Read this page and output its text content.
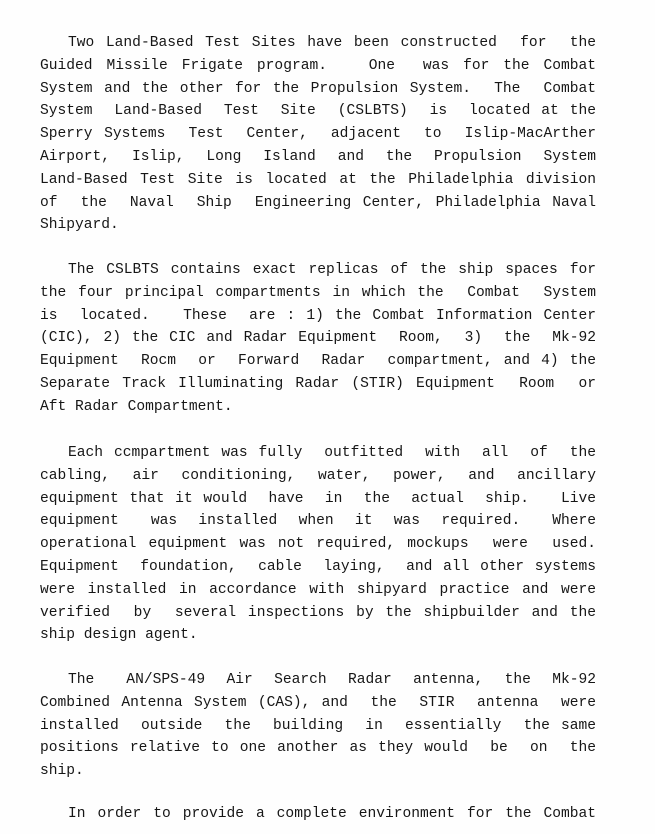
Two Land-Based Test Sites have been constructed  for  the
Guided Missile Frigate program.   One  was for the Combat
System and the other for the Propulsion System.  The  Combat
System  Land-Based  Test  Site  (CSLBTS)  is  located at the
Sperry Systems  Test  Center,  adjacent  to  Islip-MacArther
Airport,  Islip,  Long  Island  and  the  Propulsion  System
Land-Based Test Site is located at the Philadelphia division
of  the  Naval  Ship  Engineering Center, Philadelphia Naval
Shipyard.
The CSLBTS contains exact replicas of the ship spaces for
the four principal compartments in which the  Combat  System
is  located.   These  are : 1) the Combat Information Center
(CIC), 2) the CIC and Radar Equipment  Room,  3)  the  Mk-92
Equipment  Rocm  or  Forward  Radar  compartment, and 4) the
Separate Track Illuminating Radar (STIR) Equipment  Room  or
Aft Radar Compartment.
Each ccmpartment was fully  outfitted  with  all  of  the
cabling,  air  conditioning,  water,  power,  and  ancillary
equipment that it would  have  in  the  actual  ship.   Live
equipment   was  installed  when  it  was  required.   Where
operational equipment was not required, mockups  were  used.
Equipment  foundation,  cable  laying,  and all other systems
were installed in accordance with shipyard practice and were
verified  by  several inspections by the shipbuilder and the
ship design agent.
The   AN/SPS-49  Air  Search  Radar  antenna,  the  Mk-92
Combined Antenna System (CAS), and  the  STIR  antenna  were
installed  outside  the  building  in  essentially  the same
positions relative to one another as they would  be  on  the
ship.
In order to provide a complete environment for the Combat
